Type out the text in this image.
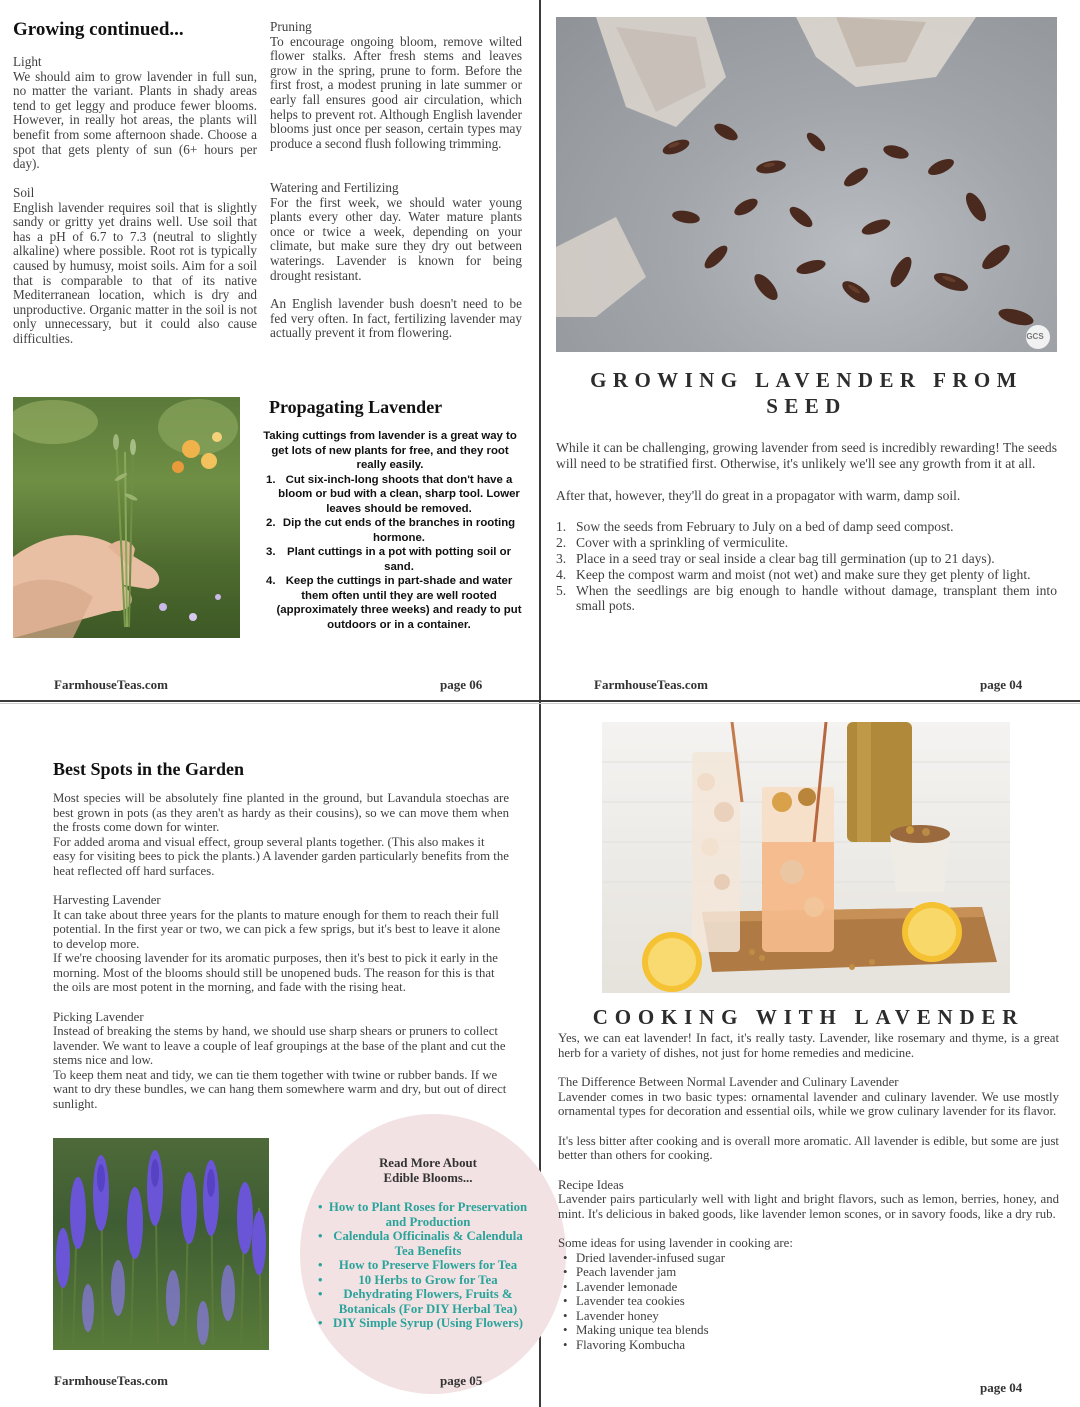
Growing continued...
Light

We should aim to grow lavender in full sun, no matter the variant. Plants in shady areas tend to get leggy and produce fewer blooms. However, in really hot areas, the plants will benefit from some afternoon shade. Choose a spot that gets plenty of sun (6+ hours per day).

Soil

English lavender requires soil that is slightly sandy or gritty yet drains well. Use soil that has a pH of 6.7 to 7.3 (neutral to slightly alkaline) where possible. Root rot is typically caused by humusy, moist soils. Aim for a soil that is comparable to that of its native Mediterranean location, which is dry and unproductive. Organic matter in the soil is not only unnecessary, but it could also cause difficulties.

Pruning

To encourage ongoing bloom, remove wilted flower stalks. After fresh stems and leaves grow in the spring, prune to form. Before the first frost, a modest pruning in late summer or early fall ensures good air circulation, which helps to prevent rot. Although English lavender blooms just once per season, certain types may produce a second flush following trimming.

Watering and Fertilizing

For the first week, we should water young plants every other day. Water mature plants once or twice a week, depending on your climate, but make sure they dry out between waterings. Lavender is known for being drought resistant.

An English lavender bush doesn't need to be fed very often. In fact, fertilizing lavender may actually prevent it from flowering.

Propagating Lavender

Taking cuttings from lavender is a great way to get lots of new plants for free, and they root really easily.

1. Cut six-inch-long shoots that don't have a bloom or bud with a clean, sharp tool. Lower leaves should be removed.
2. Dip the cut ends of the branches in rooting hormone.
3. Plant cuttings in a pot with potting soil or sand.
4. Keep the cuttings in part-shade and water them often until they are well rooted (approximately three weeks) and ready to put outdoors or in a container.
FarmhouseTeas.com	page 06
GCS
GROWING LAVENDER FROM SEED

While it can be challenging, growing lavender from seed is incredibly rewarding! The seeds will need to be stratified first. Otherwise, it's unlikely we'll see any growth from it at all.

After that, however, they'll do great in a propagator with warm, damp soil.

1. Sow the seeds from February to July on a bed of damp seed compost.
2. Cover with a sprinkling of vermiculite.
3. Place in a seed tray or seal inside a clear bag till germination (up to 21 days).
4. Keep the compost warm and moist (not wet) and make sure they get plenty of light.
5. When the seedlings are big enough to handle without damage, transplant them into small pots.
FarmhouseTeas.com	page 04
Best Spots in the Garden

Most species will be absolutely fine planted in the ground, but Lavandula stoechas are best grown in pots (as they aren't as hardy as their cousins), so we can move them when the frosts come down for winter.

For added aroma and visual effect, group several plants together. (This also makes it easy for visiting bees to pick the plants.) A lavender garden particularly benefits from the heat reflected off hard surfaces.

Harvesting Lavender

It can take about three years for the plants to mature enough for them to reach their full potential. In the first year or two, we can pick a few sprigs, but it's best to leave it alone to develop more.

If we're choosing lavender for its aromatic purposes, then it's best to pick it early in the morning. Most of the blooms should still be unopened buds. The reason for this is that the oils are most potent in the morning, and fade with the rising heat.

Picking Lavender

Instead of breaking the stems by hand, we should use sharp shears or pruners to collect lavender. We want to leave a couple of leaf groupings at the base of the plant and cut the stems nice and low.

To keep them neat and tidy, we can tie them together with twine or rubber bands. If we want to dry these bundles, we can hang them somewhere warm and dry, but out of direct sunlight.

Read More About Edible Blooms...
• How to Plant Roses for Preservation and Production
• Calendula Officinalis & Calendula Tea Benefits
• How to Preserve Flowers for Tea
•	10 Herbs to Grow for Tea
• Dehydrating Flowers, Fruits & Botanicals (For DIY Herbal Tea)
• DIY Simple Syrup (Using Flowers)
FarmhouseTeas.com	page 05
COOKING WITH LAVENDER

Yes, we can eat lavender! In fact, it's really tasty. Lavender, like rosemary and thyme, is a great herb for a variety of dishes, not just for home remedies and medicine.

The Difference Between Normal Lavender and Culinary Lavender

Lavender comes in two basic types: ornamental lavender and culinary lavender. We use mostly ornamental types for decoration and essential oils, while we grow culinary lavender for its flavor.

It's less bitter after cooking and is overall more aromatic. All lavender is edible, but some are just better than others for cooking.

Recipe Ideas

Lavender pairs particularly well with light and bright flavors, such as lemon, berries, honey, and mint. It's delicious in baked goods, like lavender lemon scones, or in savory foods, like a dry rub.

Some ideas for using lavender in cooking are:

• Dried lavender-infused sugar
• Peach lavender jam
• Lavender lemonade
• Lavender tea cookies
• Lavender honey
• Making unique tea blends
• Flavoring Kombucha
page 04
